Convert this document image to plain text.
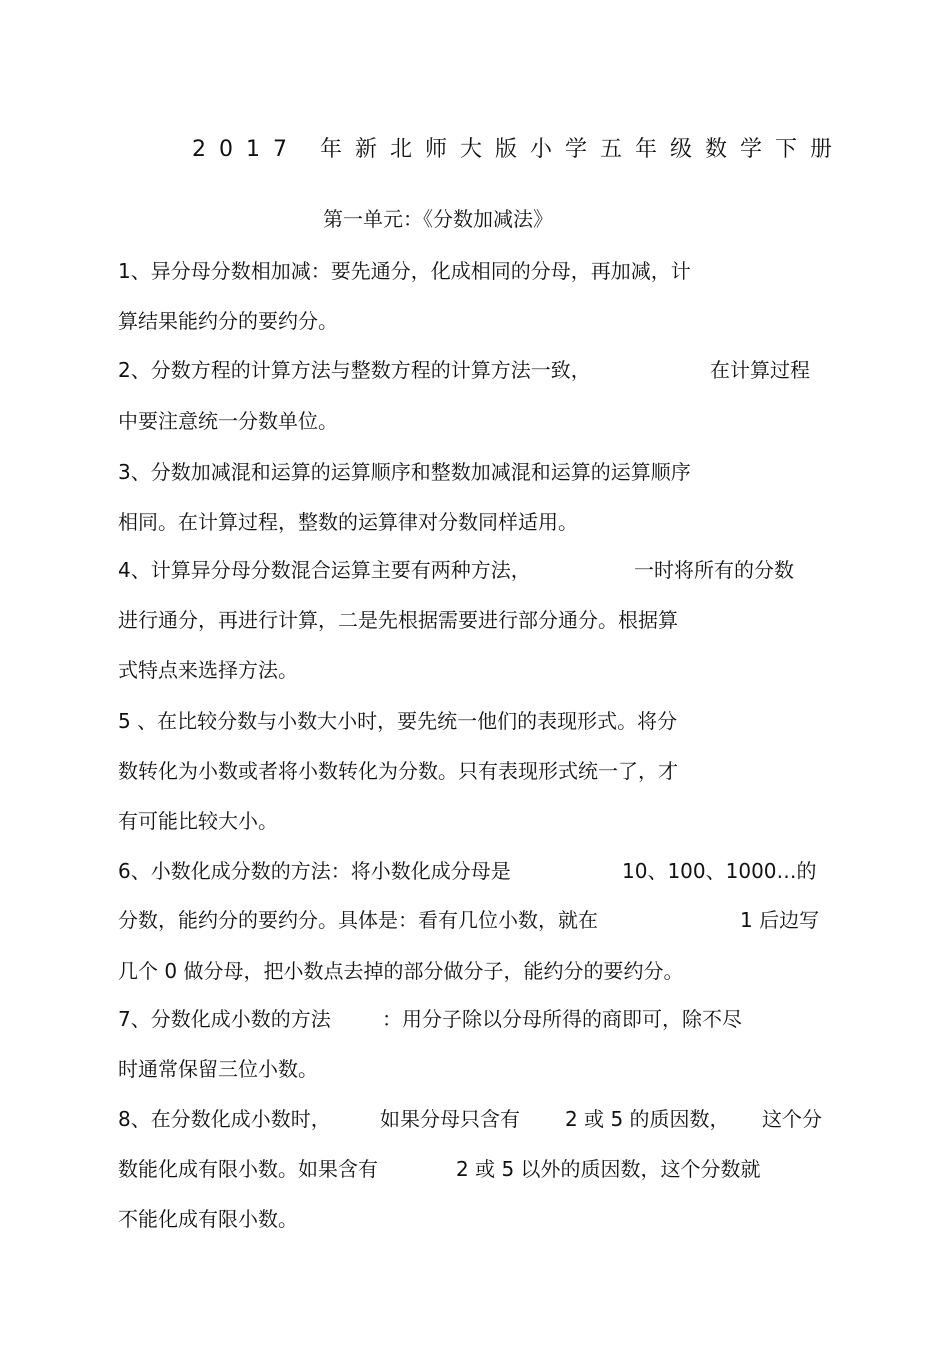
2017 年新北师大版小学五年级数学下册
第一单元：《分数加减法》
1、异分母分数相加减：要先通分，化成相同的分母，再加减，计
算结果能约分的要约分。
2、分数方程的计算方法与整数方程的计算方法一致，	在计算过程
中要注意统一分数单位。
3、分数加减混和运算的运算顺序和整数加减混和运算的运算顺序
相同。在计算过程，整数的运算律对分数同样适用。
4、计算异分母分数混合运算主要有两种方法，	一时将所有的分数
进行通分，再进行计算，二是先根据需要进行部分通分。根据算
式特点来选择方法。
5 、在比较分数与小数大小时，要先统一他们的表现形式。将分
数转化为小数或者将小数转化为分数。只有表现形式统一了，才
有可能比较大小。
6、小数化成分数的方法：将小数化成分母是	10、100、1000…的
分数，能约分的要约分。具体是：看有几位小数，就在	1 后边写
几个 0 做分母，把小数点去掉的部分做分子，能约分的要约分。
7、分数化成小数的方法	：用分子除以分母所得的商即可，除不尽
时通常保留三位小数。
8、在分数化成小数时， 如果分母只含有 2 或 5 的质因数， 这个分
数能化成有限小数。如果含有	2 或 5 以外的质因数，这个分数就
不能化成有限小数。
